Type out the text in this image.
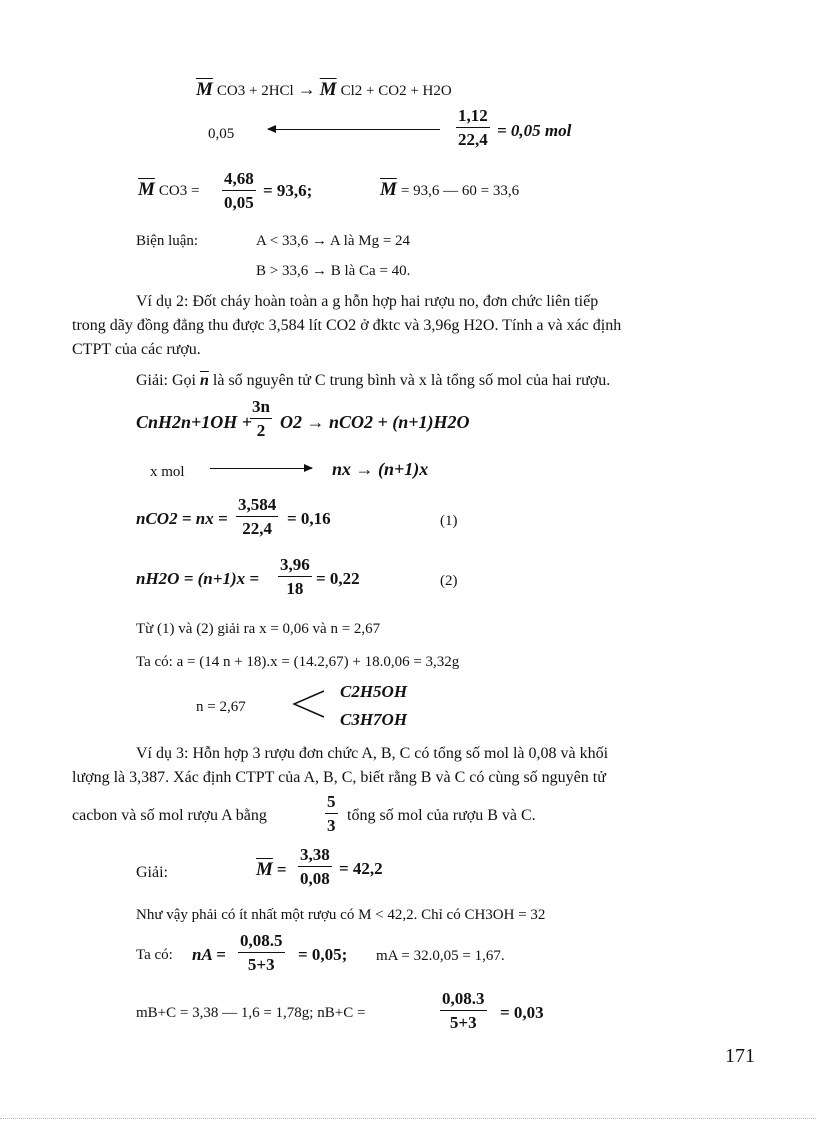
$\overline{M}$ $CO3 + 2HCl \to \overline{M}$ Cl2 + CO2 + H2O
0,05	$\frac{1,12}{22,4} = 0,05$ mol
$\overline{M}$ $CO3 = \frac{4,68}{0,05} = 93,6$;	$\overline{M} = 93,6$ — 60 = 33,6
Biện luận:	A < 33,6 → A là Mg = 24
B > 33,6 → B là Ca = 40.
Ví dụ 2: Đốt cháy hoàn toàn a g hỗn hợp hai rượu no, đơn chức liên tiếp
trong dãy đồng đẳng thu được 3,584 lít CO2 ở đktc và 3,96g H2O. Tính a và xác định
CTPT của các rượu.
Giải: Gọi $\overline{n}$ là số nguyên tử C trung bình và x là tổng số mol của hai rượu.
CnH2n+1OH +
$\frac{3n}{2} O2 \to nCO2 + (n+1)H2O$
x mol	nx → (n+1)x
nCO2 = nx = $\frac{3,584}{22,4} = 0,16$	(1)
$nH2O = (n+1)x = \frac{3,96}{18} = 0,22$	(2)
Từ (1) và (2) giải ra x = 0,06 và n = 2,67
Ta có: a = (14 n + 18).x = (14.2,67) + 18.0,06 = 3,32g
n = 2,67
C2H5OH
C3H7OH
Ví dụ 3: Hỗn hợp 3 rượu đơn chức A, B, C có tổng số mol là 0,08 và khối
lượng là 3,387. Xác định CTPT của A, B, C, biết rằng B và C có cùng số nguyên tử
cacbon và số mol rượu A bằng	$\frac{5}{3}$ tổng số mol của rượu B và C.
Giải:	$\overline{M} = \frac{3,38}{0,08} = 42,2$
Như vậy phải có ít nhất một rượu có M < 42,2. Chỉ có CH3OH = 32
Ta có: nA = $\frac{0,08.5}{5+3} = 0,05$; mA = 32.0,05 = 1,67.
mB+C = 3,38 — 1,6 = 1,78g; nB+C =	$\frac{0,08.3}{5+3} = 0,03$
171
